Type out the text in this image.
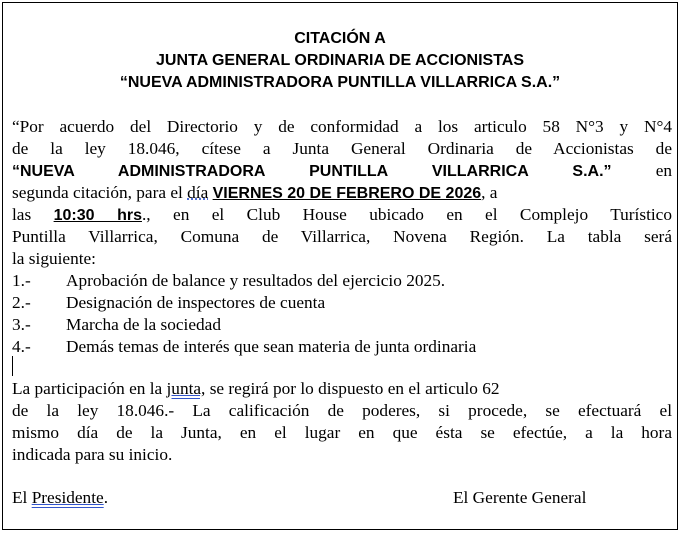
CITACIÓN A
JUNTA GENERAL ORDINARIA DE ACCIONISTAS
“NUEVA ADMINISTRADORA PUNTILLA VILLARRICA S.A.”
“Por acuerdo del Directorio y de conformidad a los articulo 58 N°3 y N°4
de la ley 18.046, cítese a Junta General Ordinaria de Accionistas de
“NUEVA ADMINISTRADORA PUNTILLA VILLARRICA S.A.”	en
segunda citación, para el día VIERNES 20 DE FEBRERO DE 2026, a
las 10:30 hrs., en el Club House ubicado en el Complejo Turístico
Puntilla Villarrica, Comuna de Villarrica, Novena Región. La tabla será
la siguiente:
1.- Aprobación de balance y resultados del ejercicio 2025.
2.- Designación de inspectores de cuenta
3.- Marcha de la sociedad
4.- Demás temas de interés que sean materia de junta ordinaria
La participación en la junta, se regirá por lo dispuesto en el articulo 62
de la ley 18.046.- La calificación de poderes, si procede, se efectuará el
mismo día de la Junta, en el lugar en que ésta se efectúe, a la hora
indicada para su inicio.
El Presidente.	El Gerente General
